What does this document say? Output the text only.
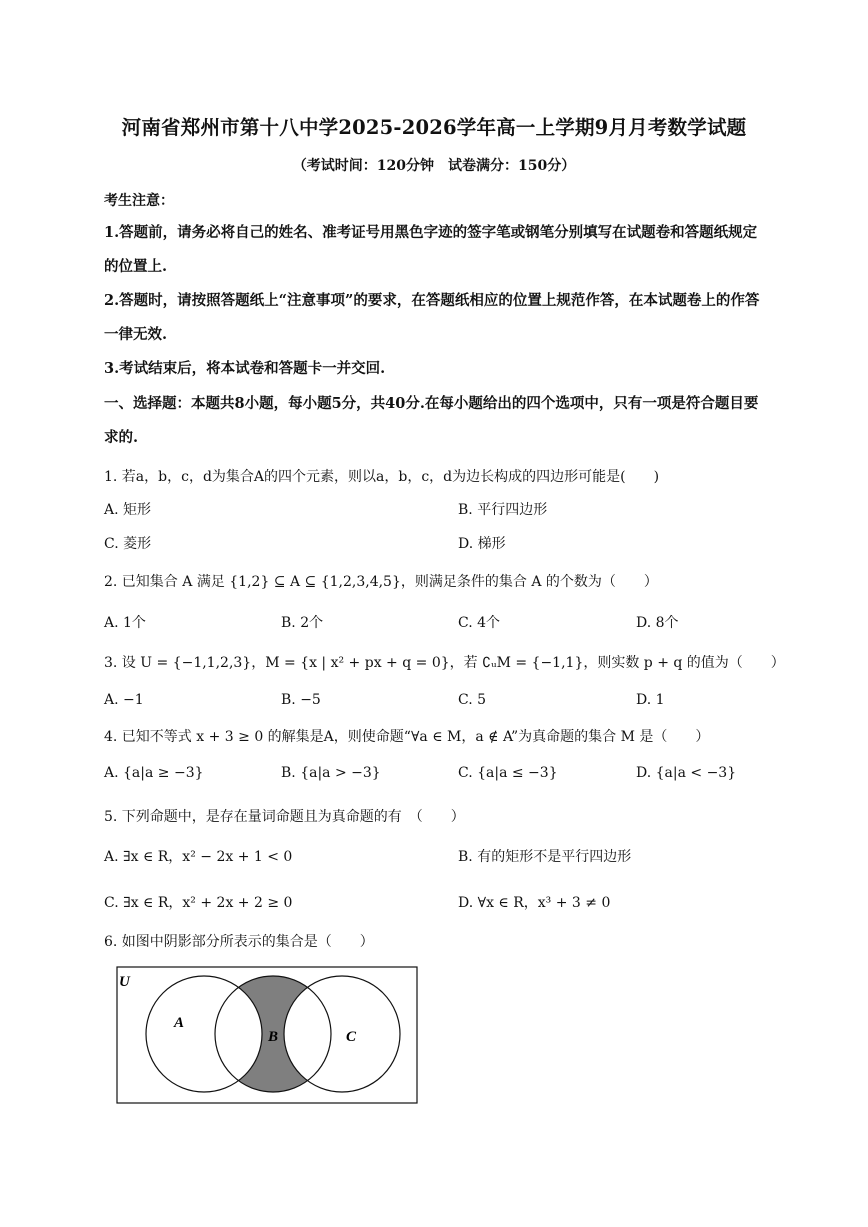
河南省郑州市第十八中学2025-2026学年高一上学期9月月考数学试题
（考试时间：120分钟　试卷满分：150分）
考生注意：
1.答题前，请务必将自己的姓名、准考证号用黑色字迹的签字笔或钢笔分别填写在试题卷和答题纸规定的位置上.
2.答题时，请按照答题纸上“注意事项”的要求，在答题纸相应的位置上规范作答，在本试题卷上的作答一律无效.
3.考试结束后，将本试卷和答题卡一并交回.
一、选择题：本题共8小题，每小题5分，共40分.在每小题给出的四个选项中，只有一项是符合题目要求的.
1. 若a，b，c，d为集合A的四个元素，则以a，b，c，d为边长构成的四边形可能是(　　)
A. 矩形	B. 平行四边形
C. 菱形	D. 梯形
2. 已知集合 A 满足 {1,2} ⊆ A ⊆ {1,2,3,4,5}，则满足条件的集合 A 的个数为（　　）
A. 1个	B. 2个	C. 4个	D. 8个
3. 设 U = {−1,1,2,3}，M = {x | x² + px + q = 0}，若 ∁ᵤM = {−1,1}，则实数 p + q 的值为（　　）
A. −1	B. −5	C. 5	D. 1
4. 已知不等式 x + 3 ≥ 0 的解集是A，则使命题“∀a ∈ M，a ∉ A”为真命题的集合 M 是（　　）
A. {a|a ≥ −3}	B. {a|a > −3}	C. {a|a ≤ −3}	D. {a|a < −3}
5. 下列命题中，是存在量词命题且为真命题的有　（　　）
A. ∃x ∈ R，x² − 2x + 1 < 0	B. 有的矩形不是平行四边形
C. ∃x ∈ R，x² + 2x + 2 ≥ 0	D. ∀x ∈ R，x³ + 3 ≠ 0
6. 如图中阴影部分所表示的集合是（　　）
U
A
B	C
